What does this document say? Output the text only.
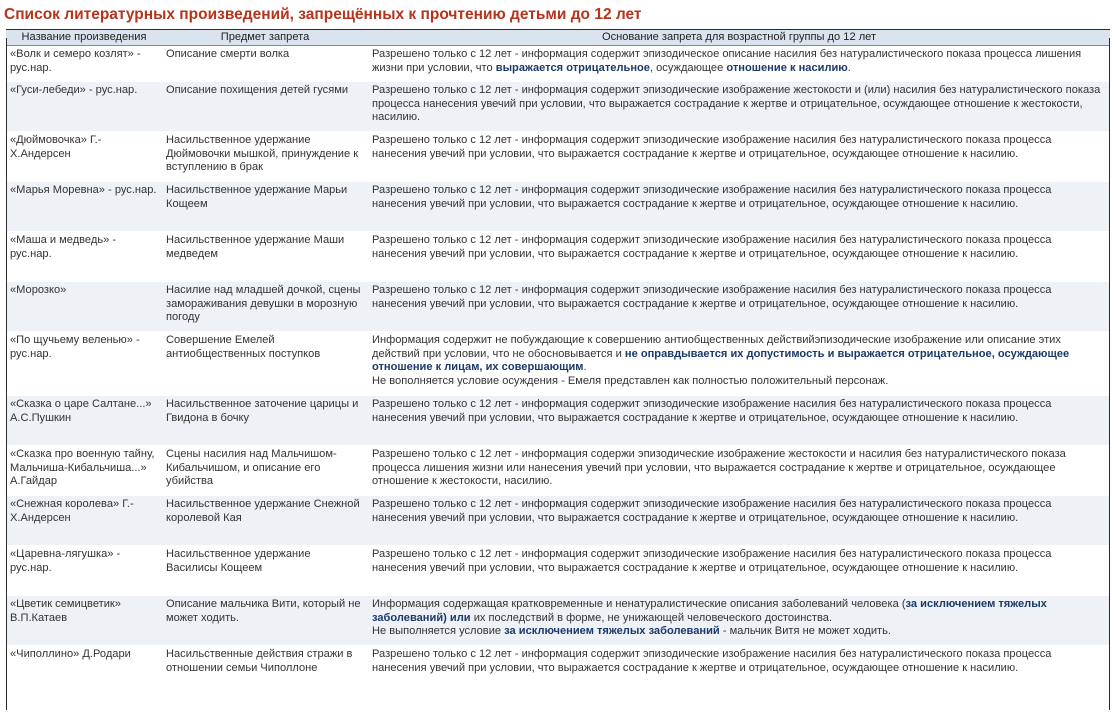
Список литературных произведений, запрещённых к прочтению детьми до 12 лет
Название произведения	Предмет запрета	Основание запрета для возрастной группы до 12 лет
«Волк и семеро козлят» - рус.нар.	Описание смерти волка	Разрешено только с 12 лет - информация содержит эпизодическое описание насилия без натуралистического показа процесса лишения жизни при условии, что выражается отрицательное, осуждающее отношение к насилию.
«Гуси-лебеди» - рус.нар.	Описание похищения детей гусями	Разрешено только с 12 лет - информация содержит эпизодические изображение жестокости и (или) насилия без натуралистического показа процесса нанесения увечий при условии, что выражается сострадание к жертве и отрицательное, осуждающее отношение к жестокости, насилию.
«Дюймовочка» Г.-Х.Андерсен	Насильственное удержание Дюймовочки мышкой, принуждение к вступлению в брак	Разрешено только с 12 лет - информация содержит эпизодические изображение насилия без натуралистического показа процесса нанесения увечий при условии, что выражается сострадание к жертве и отрицательное, осуждающее отношение к насилию.
«Марья Моревна» - рус.нар.	Насильственное удержание Марьи Кощеем	Разрешено только с 12 лет - информация содержит эпизодические изображение насилия без натуралистического показа процесса нанесения увечий при условии, что выражается сострадание к жертве и отрицательное, осуждающее отношение к насилию.
«Маша и медведь» - рус.нар.	Насильственное удержание Маши медведем	Разрешено только с 12 лет - информация содержит эпизодические изображение насилия без натуралистического показа процесса нанесения увечий при условии, что выражается сострадание к жертве и отрицательное, осуждающее отношение к насилию.
«Морозко»	Насилие над младшей дочкой, сцены замораживания девушки в морозную погоду	Разрешено только с 12 лет - информация содержит эпизодические изображение насилия без натуралистического показа процесса нанесения увечий при условии, что выражается сострадание к жертве и отрицательное, осуждающее отношение к насилию.
«По щучьему веленью» - рус.нар.	Совершение Емелей антиобщественных поступков	Информация содержит не побуждающие к совершению антиобщественных действийэпизодические изображение или описание этих действий при условии, что не обосновывается и не оправдывается их допустимость и выражается отрицательное, осуждающее отношение к лицам, их совершающим.
Не вополняется условие осуждения - Емеля представлен как полностью положительный персонаж.
«Сказка о царе Салтане...» А.С.Пушкин	Насильственное заточение царицы и Гвидона в бочку	Разрешено только с 12 лет - информация содержит эпизодические изображение насилия без натуралистического показа процесса нанесения увечий при условии, что выражается сострадание к жертве и отрицательное, осуждающее отношение к насилию.
«Сказка про военную тайну, Мальчиша-Кибальчиша...» А.Гайдар	Сцены насилия над Мальчишом-Кибальчишом, и описание его убийства	Разрешено только с 12 лет - информация содержи эпизодические изображение жестокости и насилия без натуралистического показа процесса лишения жизни или нанесения увечий при условии, что выражается сострадание к жертве и отрицательное, осуждающее отношение к жестокости, насилию.
«Снежная королева» Г.-Х.Андерсен	Насильственное удержание Снежной королевой Кая	Разрешено только с 12 лет - информация содержит эпизодические изображение насилия без натуралистического показа процесса нанесения увечий при условии, что выражается сострадание к жертве и отрицательное, осуждающее отношение к насилию.
«Царевна-лягушка» - рус.нар.	Насильственное удержание Василисы Кощеем	Разрешено только с 12 лет - информация содержит эпизодические изображение насилия без натуралистического показа процесса нанесения увечий при условии, что выражается сострадание к жертве и отрицательное, осуждающее отношение к насилию.
«Цветик семицветик» В.П.Катаев	Описание мальчика Вити, который не может ходить.	Информация содержащая кратковременные и ненатуралистические описания заболеваний человека (за исключением тяжелых заболеваний) или их последствий в форме, не унижающей человеческого достоинства.
Не выполняется условие за исключением тяжелых заболеваний - мальчик Витя не может ходить.
«Чиполлино» Д.Родари	Насильственные действия стражи в отношении семьи Чиполлоне	Разрешено только с 12 лет - информация содержит эпизодические изображение насилия без натуралистического показа процесса нанесения увечий при условии, что выражается сострадание к жертве и отрицательное, осуждающее отношение к насилию.
